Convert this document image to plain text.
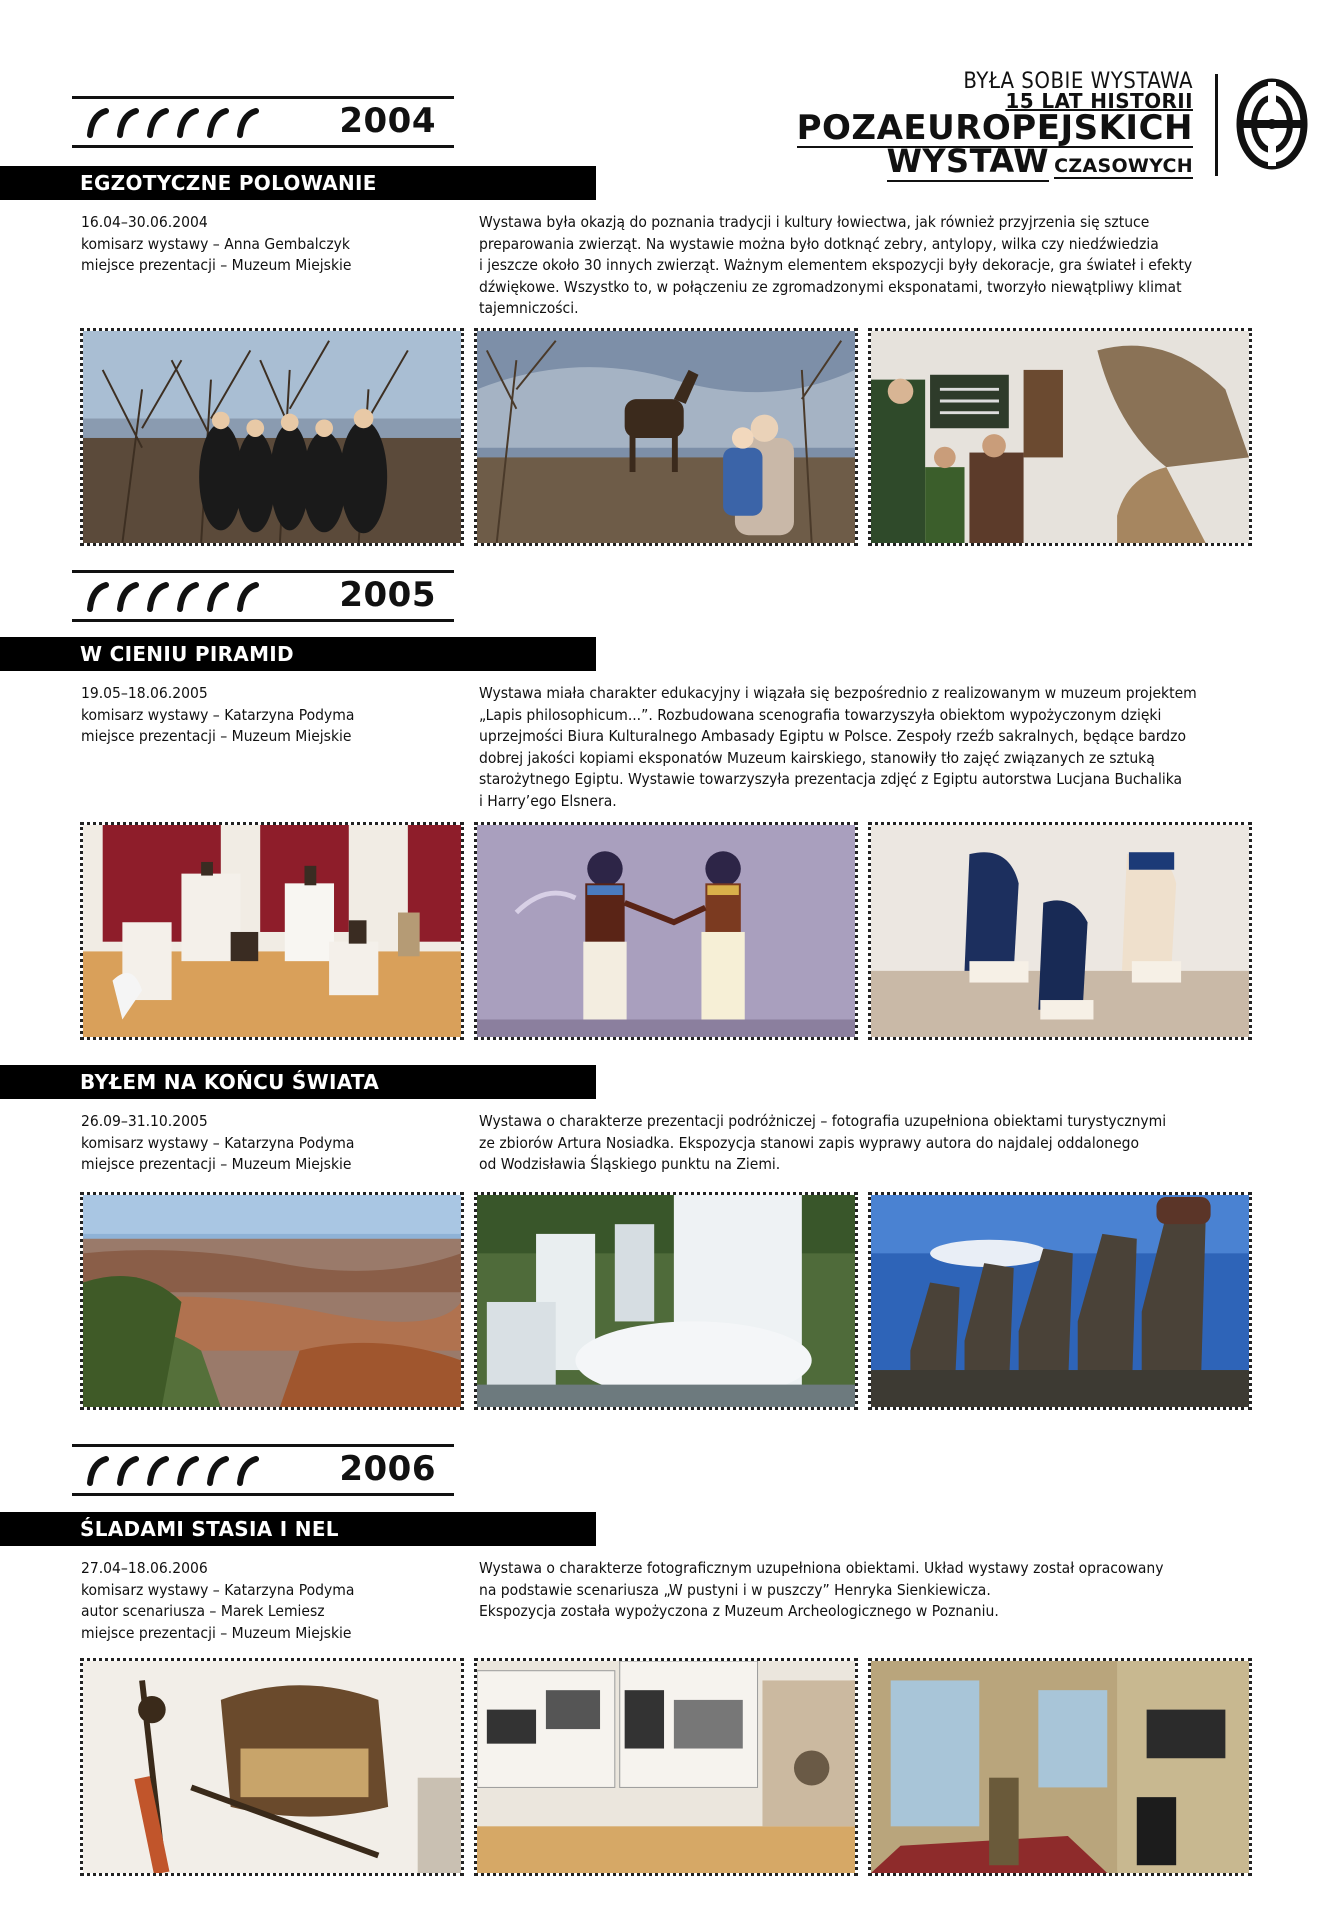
BYŁA SOBIE WYSTAWA
15 LAT HISTORII
POZAEUROPEJSKICH
WYSTAW CZASOWYCH
2004
2005
2006
EGZOTYCZNE POLOWANIE
16.04–30.06.2004
komisarz wystawy – Anna Gembalczyk
miejsce prezentacji – Muzeum Miejskie
Wystawa była okazją do poznania tradycji i kultury łowiectwa, jak również przyjrzenia się sztuce
preparowania zwierząt. Na wystawie można było dotknąć zebry, antylopy, wilka czy niedźwiedzia
i jeszcze około 30 innych zwierząt. Ważnym elementem ekspozycji były dekoracje, gra świateł i efekty
dźwiękowe. Wszystko to, w połączeniu ze zgromadzonymi eksponatami, tworzyło niewątpliwy klimat
tajemniczości.
W CIENIU PIRAMID
19.05–18.06.2005
komisarz wystawy – Katarzyna Podyma
miejsce prezentacji – Muzeum Miejskie
Wystawa miała charakter edukacyjny i wiązała się bezpośrednio z realizowanym w muzeum projektem
„Lapis philosophicum...”. Rozbudowana scenografia towarzyszyła obiektom wypożyczonym dzięki
uprzejmości Biura Kulturalnego Ambasady Egiptu w Polsce. Zespoły rzeźb sakralnych, będące bardzo
dobrej jakości kopiami eksponatów Muzeum kairskiego, stanowiły tło zajęć związanych ze sztuką
starożytnego Egiptu. Wystawie towarzyszyła prezentacja zdjęć z Egiptu autorstwa Lucjana Buchalika
i Harry’ego Elsnera.
BYŁEM NA KOŃCU ŚWIATA
26.09–31.10.2005
komisarz wystawy – Katarzyna Podyma
miejsce prezentacji – Muzeum Miejskie
Wystawa o charakterze prezentacji podróżniczej – fotografia uzupełniona obiektami turystycznymi
ze zbiorów Artura Nosiadka. Ekspozycja stanowi zapis wyprawy autora do najdalej oddalonego
od Wodzisławia Śląskiego punktu na Ziemi.
ŚLADAMI STASIA I NEL
27.04–18.06.2006
komisarz wystawy – Katarzyna Podyma
autor scenariusza – Marek Lemiesz
miejsce prezentacji – Muzeum Miejskie
Wystawa o charakterze fotograficznym uzupełniona obiektami. Układ wystawy został opracowany
na podstawie scenariusza „W pustyni i w puszczy” Henryka Sienkiewicza.
Ekspozycja została wypożyczona z Muzeum Archeologicznego w Poznaniu.
